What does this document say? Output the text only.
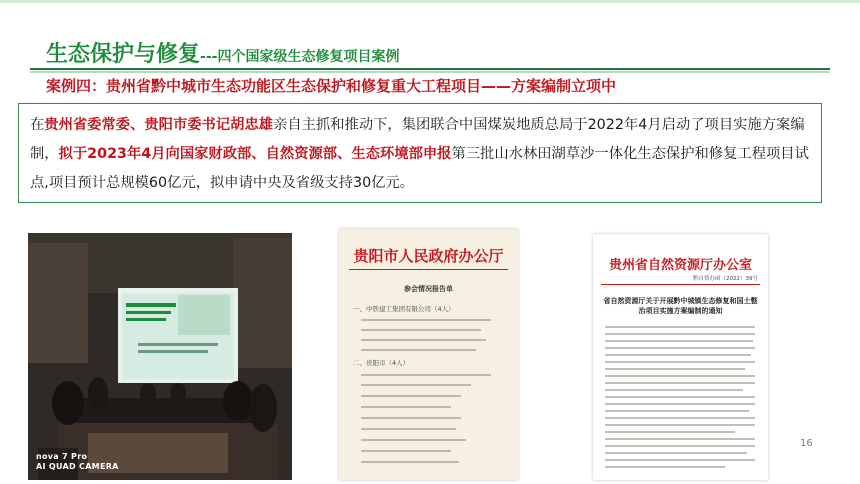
生态保护与修复---四个国家级生态修复项目案例
案例四：贵州省黔中城市生态功能区生态保护和修复重大工程项目——方案编制立项中
在贵州省委常委、贵阳市委书记胡忠雄亲自主抓和推动下，集团联合中国煤炭地质总局于2022年4月启动了项目实施方案编制，拟于2023年4月向国家财政部、自然资源部、生态环境部申报第三批山水林田湖草沙一体化生态保护和修复工程项目试点,项目预计总规模60亿元，拟申请中央及省级支持30亿元。
nova 7 Pro
AI QUAD CAMERA
贵阳市人民政府办公厅
参会情况报告单
一、中铁建工集团有限公司（4人）
二、贵阳市（4人）
贵州省自然资源厅办公室
黔自资办函（2022）39号
省自然资源厅关于开展黔中城镇生态修复和国土整治项目实施方案编制的通知
16
